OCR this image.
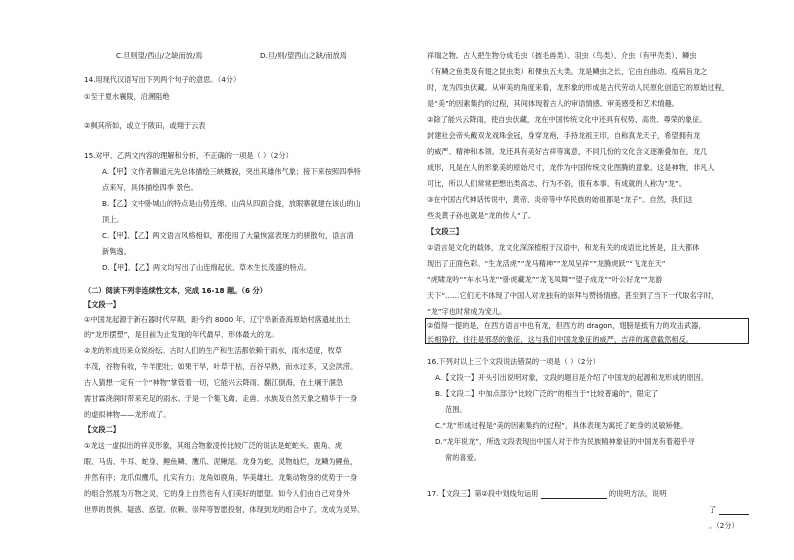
C.旦则望/西山/之缺而放/焉	D.旦/则/望西山之缺/而放焉
14.用现代汉语写出下列两个句子的意思。（4分）
①至于夏水襄陵，沿溯阻绝
②枫其所如，或立于陂田，或翔于云表
15.对甲、乙两文内容的理解和分析，不正确的一项是（ ）（2分）
A.【甲】文作者聊道元先总体描绘三峡概貌，突出其雄伟气象；接下来按照四季特
点来写，具体描绘四季 景色。
B.【乙】文中卧城山的特点是山势连绵、山尚从四面合拢，放眼寨就建在该山的山
顶上。
C.【甲】、【乙】两文语言风格相似，都使用了大量恢富表现力的骈散句，语言清
新隽逸。
D.【甲】、【乙】两文均写出了山连绵起伏、草木生长茂盛的特点。
（二）阅读下列非连续性文本，完成 16-18 题。（6 分）
【文段一】
①中国龙起源于新石器时代早期，距今约 8000 年。辽宁阜新查海原始村落遗址出土
的“龙形摆塑”，是目前为止发现的年代最早、形体最大的龙。
②龙的形成历来众说纷纭。古时人们的生产和生活都依赖于雨水，雨水适度，牧草
丰茂，谷物有收，牛羊肥壮；如果干旱，叶草干枯，百谷早熟，而水过多，又会洪涝。
古人猜想一定有一个“神物”掌管着一切，它能兴云降雨、翻江倒海，在土壤干涸急
需甘霖浇润时带来充足的雨水。于是一个集飞禽、走兽、水族及自然天象之精华于一身
的虚拟神物——龙形成了。
【文段二】
①龙这一虚拟出的祥灵形象，其组合物象凌传比较广泛的说法是蛇蛇头、鹿角、虎
眼、马齿、牛耳、蛇身、鲤鱼鳞、鹰爪、泥鳅尾。龙身为蛇，灵物灿烂，龙鳞为鲤鱼，
并然有序；龙爪似鹰爪，扎实有力；龙角如鹿角，华美雄壮。龙集动物身的优势于一身
的组合然展为万物之灵，它的身上自然也有人们美好的愿望。如今人们由自己对身外
世界的畏惧、疑惑、惑望、依赖、崇拜等智愿投射，体现到龙的组合中了。龙成为灵异、
祥瑞之物。古人把生物分成毛虫（披毛兽类）、羽虫（鸟类）、介虫（有甲壳类）、鳞虫
（有鳞之鱼类及有翅之昆虫类）和倮虫五大类。龙是鳞虫之长，它由自曲动、疫病旨龙之
时，龙为四虫伏藏。从审美的角度来看，龙形象的形成是古代劳动人民原化创造它的原始过程，
是“美”的因素集约的过程，其间体现着古人的审语情感、审美感受和艺术情趣。
②除了能兴云降雨，使自虫伏藏，龙在中国传统文化中还具有权势、高贵、尊荣的象征。
封建社会帝头戴双龙戏珠金冠，身穿龙袍，手持龙祖王印，自称真龙天子，希望拥有龙
的威严、精神和本领。龙还具有美好吉祥等寓意，不同几份的文化含义逐渐叠加在，龙几
成形，凡是在人的形象美的原始尺寸，龙作为中国传统文化图腾的意象。这是神物，非凡人
可比，所以人们常常把想出类高志、行为不俗，很有本事、有成就的人称为“龙”。
③在中国古代神话传说中，黄帝、炎帝等中华民族的始祖都是“龙子”。自然，我们这
些炎黄子孙也就是“龙的传人”了。
【文段三】
①语言是文化的载体，龙文化深深植根于汉语中，和龙有关的成语比比皆是，且大都体
现出了正面色彩。“生龙活虎”“龙马精神”“龙凤呈祥”“龙腾虎跃”“飞龙在天”
“虎啸龙吟”“车水马龙”“卧虎藏龙”“龙飞凤舞”“望子成龙”“叶公好龙”“龙游
天下”……它们无不体现了中国人对龙独有的崇拜与赞扬情感。甚至到了当下一代取名字时，
“龙”字也时常成为宠儿。
②值得一提的是，在西方语言中也有龙，但西方的 dragon，翅膀是抵有力的攻击武器，
长相狰狞，往往是邪恶的象征，这与我们中国龙象征的威严、吉祥的寓意截然相反。
16.下列对以上三个文段说法错误的一项是（ ）（2分）
A.【文段一】开头引出说明对象，文段的题目是介绍了中国龙的起源和龙形成的原因。
B.【文段二】中加点部分“比较广泛的”的相当于“比较普遍的”，限定了
范围。
C.“龙”形成过程是“美的因素集约的过程”，具体表现为寓托了蛇身的灵敏矫健。
D.“龙年说龙”，所选文段表现出中国人对于作为民族精神象征的中国龙有着超乎寻
常的喜爱。
17.【文段三】第②段中划线句运用	的说明方法，说明
了
。（2分）
